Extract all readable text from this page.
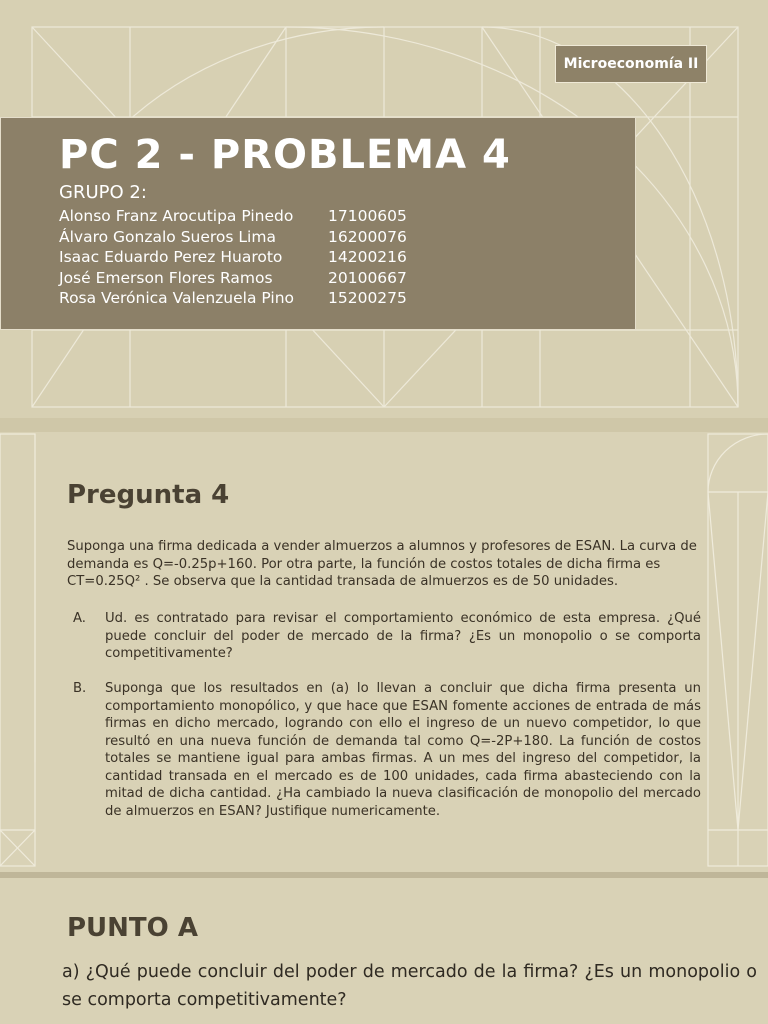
Microeconomía II
PC 2 - PROBLEMA 4
GRUPO 2:
Alonso Franz Arocutipa Pinedo	17100605
Álvaro Gonzalo Sueros Lima	16200076
Isaac Eduardo Perez Huaroto	14200216
José Emerson Flores Ramos	20100667
Rosa Verónica Valenzuela Pino	15200275
Pregunta 4
Suponga una firma dedicada a vender almuerzos a alumnos y profesores de ESAN. La curva de demanda es Q=-0.25p+160. Por otra parte, la función de costos totales de dicha firma es CT=0.25Q² . Se observa que la cantidad transada de almuerzos es de 50 unidades.
A. Ud. es contratado para revisar el comportamiento económico de esta empresa. ¿Qué puede concluir del poder de mercado de la firma? ¿Es un monopolio o se comporta competitivamente?
B. Suponga que los resultados en (a) lo llevan a concluir que dicha firma presenta un comportamiento monopólico, y que hace que ESAN fomente acciones de entrada de más firmas en dicho mercado, logrando con ello el ingreso de un nuevo competidor, lo que resultó en una nueva función de demanda tal como Q=-2P+180. La función de costos totales se mantiene igual para ambas firmas. A un mes del ingreso del competidor, la cantidad transada en el mercado es de 100 unidades, cada firma abasteciendo con la mitad de dicha cantidad. ¿Ha cambiado la nueva clasificación de monopolio del mercado de almuerzos en ESAN? Justifique numericamente.
PUNTO A
a) ¿Qué puede concluir del poder de mercado de la firma? ¿Es un monopolio o se comporta competitivamente?
